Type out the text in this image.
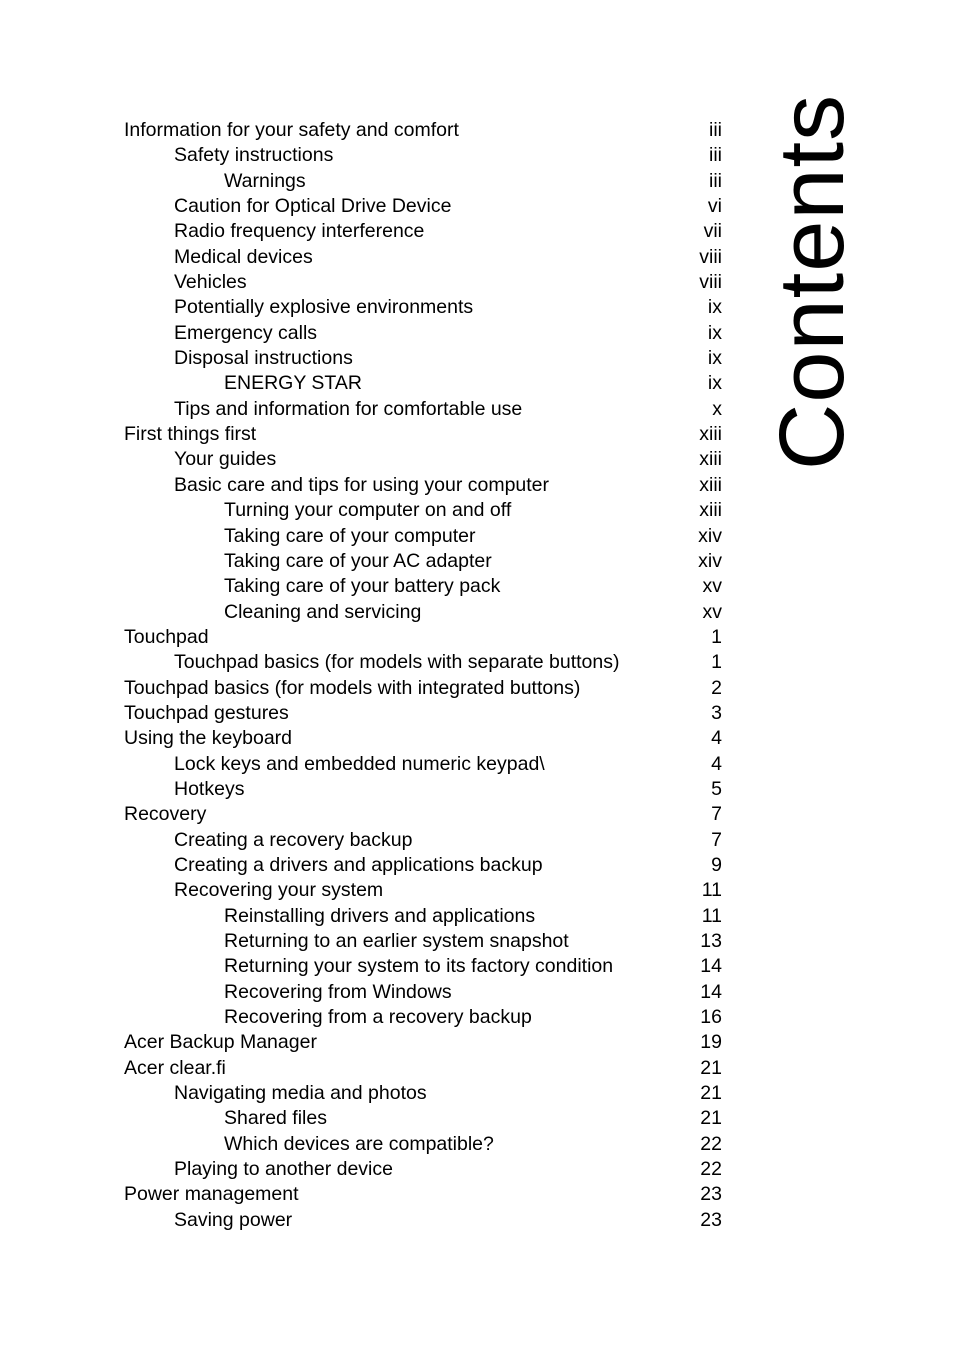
Information for your safety and comfort	iii
Safety instructions	iii
Warnings	iii
Caution for Optical Drive Device	vi
Radio frequency interference	vii
Medical devices	viii
Vehicles	viii
Potentially explosive environments	ix
Emergency calls	ix
Disposal instructions	ix
ENERGY STAR	ix
Tips and information for comfortable use	x
First things first	xiii
Your guides	xiii
Basic care and tips for using your computer	xiii
Turning your computer on and off	xiii
Taking care of your computer	xiv
Taking care of your AC adapter	xiv
Taking care of your battery pack	xv
Cleaning and servicing	xv
Touchpad	1
Touchpad basics (for models with separate buttons)	1
Touchpad basics (for models with integrated buttons)	2
Touchpad gestures	3
Using the keyboard	4
Lock keys and embedded numeric keypad\	4
Hotkeys	5
Recovery	7
Creating a recovery backup	7
Creating a drivers and applications backup	9
Recovering your system	11
Reinstalling drivers and applications	11
Returning to an earlier system snapshot	13
Returning your system to its factory condition	14
Recovering from Windows	14
Recovering from a recovery backup	16
Acer Backup Manager	19
Acer clear.fi	21
Navigating media and photos	21
Shared files	21
Which devices are compatible?	22
Playing to another device	22
Power management	23
Saving power	23
Contents
